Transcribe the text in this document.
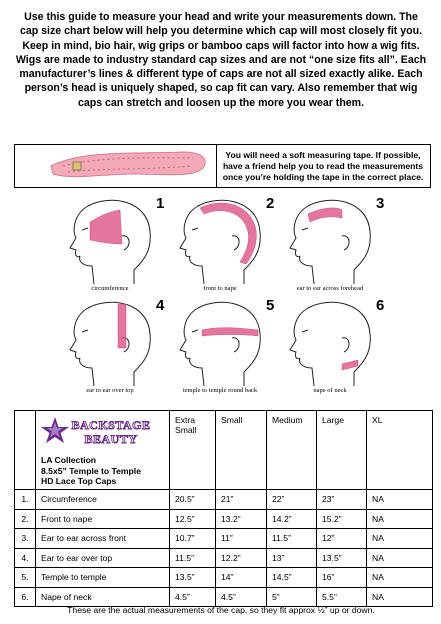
Use this guide to measure your head and write your measurements down. The cap size chart below will help you determine which cap will most closely fit you. Keep in mind, bio hair, wig grips or bamboo caps will factor into how a wig fits. Wigs are made to industry standard cap sizes and are not “one size fits all”. Each manufacturer’s lines & different type of caps are not all sized exactly alike. Each person’s head is uniquely shaped, so cap fit can vary. Also remember that wig caps can stretch and loosen up the more you wear them.
You will need a soft measuring tape. If possible, have a friend help you to read the measurements once you’re holding the tape in the correct place.
1
circumference
2
front to nape
3
ear to ear across forehead
4
ear to ear over top
5
temple to temple round back
6
nape of neck

BACKSTAGE
BEAUTY
LA Collection
8.5x5” Temple to Temple
HD Lace Top Caps	Extra Small	Small	Medium	Large	XL
1.	Circumference	20.5”	21”	22”	23”	NA
2.	Front to nape	12.5”	13.2”	14.2”	15.2”	NA
3.	Ear to ear across front	10.7”	11”	11.5”	12”	NA
4.	Ear to ear over top	11.5”	12.2”	13”	13.5”	NA
5.	Temple to temple	13.5”	14”	14.5”	16”	NA
6.	Nape of neck	4.5”	4.5”	5”	5.5”	NA
These are the actual measurements of the cap, so they fit approx ½” up or down.
